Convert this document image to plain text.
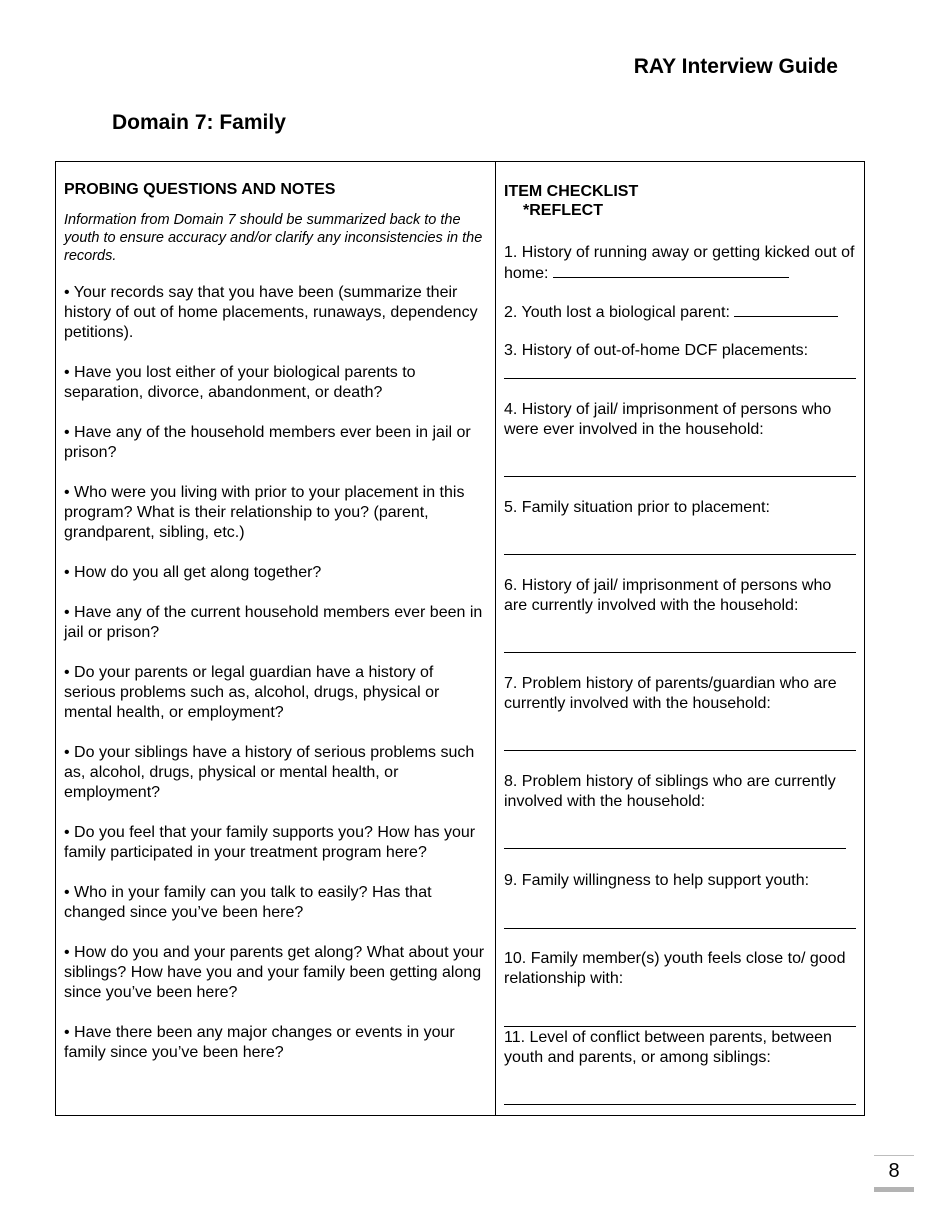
RAY Interview Guide
Domain 7: Family
PROBING QUESTIONS AND NOTES
Information from Domain 7 should be summarized back to the youth to ensure accuracy and/or clarify any inconsistencies in the records.
• Your records say that you have been (summarize their history of out of home placements, runaways, dependency petitions).
• Have you lost either of your biological parents to separation, divorce, abandonment, or death?
• Have any of the household members ever been in jail or prison?
• Who were you living with prior to your placement in this program? What is their relationship to you? (parent, grandparent, sibling, etc.)
• How do you all get along together?
• Have any of the current household members ever been in jail or prison?
• Do your parents or legal guardian have a history of serious problems such as, alcohol, drugs, physical or mental health, or employment?
• Do your siblings have a history of serious problems such as, alcohol, drugs, physical or mental health, or employment?
• Do you feel that your family supports you? How has your family participated in your treatment program here?
• Who in your family can you talk to easily? Has that changed since you’ve been here?
• How do you and your parents get along? What about your siblings? How have you and your family been getting along since you’ve been here?
• Have there been any major changes or events in your family since you’ve been here?
ITEM CHECKLIST
*REFLECT
1. History of running away or getting kicked out of home:
2. Youth lost a biological parent:
3. History of out-of-home DCF placements:
4. History of jail/ imprisonment of persons who were ever involved in the household:
5. Family situation prior to placement:
6. History of jail/ imprisonment of persons who are currently involved with the household:
7. Problem history of parents/guardian who are currently involved with the household:
8. Problem history of siblings who are currently involved with the household:
9. Family willingness to help support youth:
10. Family member(s) youth feels close to/ good relationship with:
11. Level of conflict between parents, between youth and parents, or among siblings:
8
